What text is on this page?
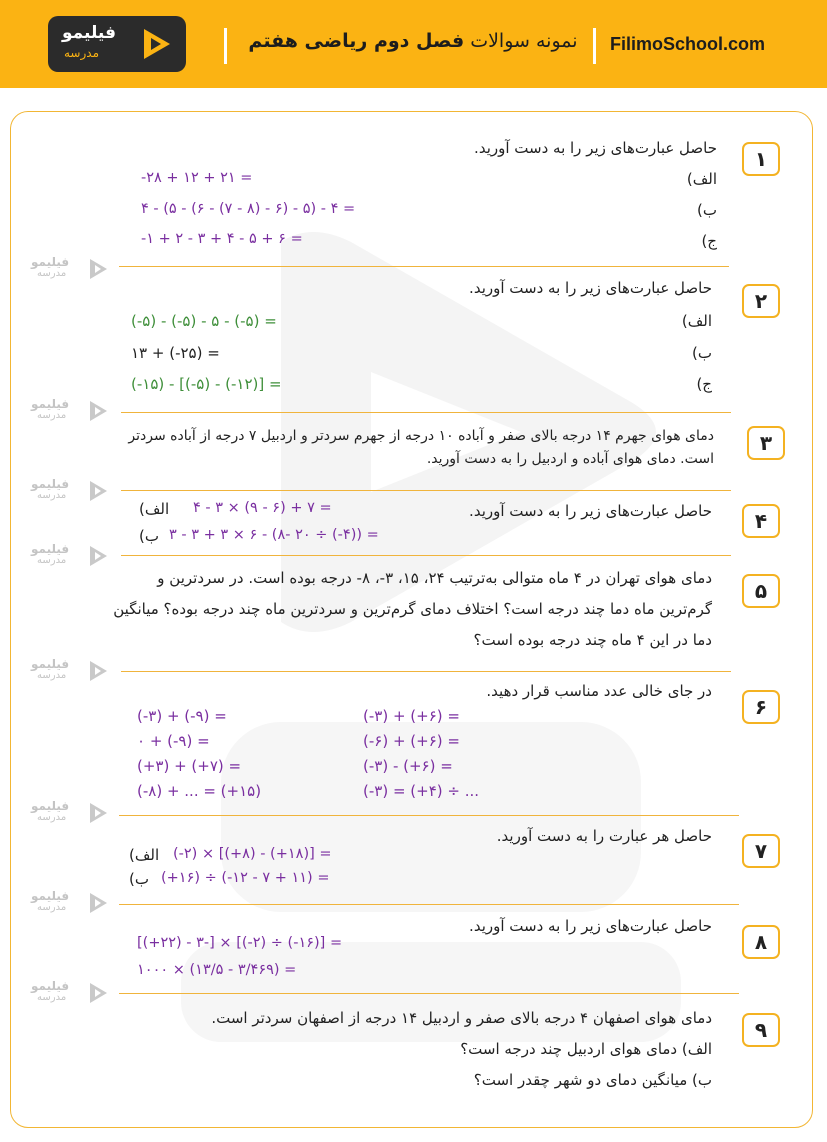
فیلیمو
مدرسه
نمونه سوالات فصل دوم ریاضی هفتم	FilimoSchool.com
فیلیمو
مدرسه
فیلیمو
مدرسه
فیلیمو
مدرسه
فیلیمو
مدرسه
فیلیمو
مدرسه
فیلیمو
مدرسه
فیلیمو
مدرسه
فیلیمو
مدرسه
۱
حاصل عبارت‌های زیر را به دست آورید.
الف)
-۲۸ + ۱۲ + ۲۱ =
ب)
۴ - (۵ - (۶ - (۷ - ۸) - ۶) - ۵) - ۴ =
ج)
-۱ + ۲ - ۳ + ۴ - ۵ + ۶ =
۲
حاصل عبارت‌های زیر را به دست آورید.
الف)
(-۵) - (-۵) - ۵ - (-۵) =
ب)
۱۳ + (-۲۵) =
ج)
(-۱۵) - [(-۵) - (-۱۲)] =
۳
دمای هوای جهرم ۱۴ درجه بالای صفر و آباده ۱۰ درجه از جهرم سردتر و اردبیل ۷ درجه از آباده سردتر است. دمای هوای آباده و اردبیل را به دست آورید.
۴
حاصل عبارت‌های زیر را به دست آورید.
الف) ۴ - ۳ × (۹ - ۶) + ۷ =
ب) ۳ - ۳ + ۳ × ۶ - (۸- ۲۰ ÷ (-۴)) =
۵
دمای هوای تهران در ۴ ماه متوالی به‌ترتیب ۲۴، ۱۵، ۳-، ۸- درجه بوده است. در سردترین و گرم‌ترین ماه دما چند درجه است؟ اختلاف دمای گرم‌ترین و سردترین ماه چند درجه بوده؟ میانگین دما در این ۴ ماه چند درجه بوده است؟
۶
در جای خالی عدد مناسب قرار دهید.
(-۳) + (+۶) =
(-۶) + (+۶) =
(-۳) - (+۶) =
(-۳) = (+۴) ÷ ...
(-۳) + (-۹) =
۰ + (-۹) =
(+۳) + (+۷) =
(-۸) + ... = (+۱۵)
۷
حاصل هر عبارت را به دست آورید.
الف) (-۲) × [(+۸) - (+۱۸)] =
ب) (+۱۶) ÷ (-۱۲ - ۷ + ۱۱) =
۸
حاصل عبارت‌های زیر را به دست آورید.
[(+۲۲) - ۳-] × [(-۲) ÷ (-۱۶)] =
۱۰۰۰ × (۱۳/۵ - ۳/۴۶۹) =
۹
دمای هوای اصفهان ۴ درجه بالای صفر و اردبیل ۱۴ درجه از اصفهان سردتر است.
الف) دمای هوای اردبیل چند درجه است؟
ب) میانگین دمای دو شهر چقدر است؟
